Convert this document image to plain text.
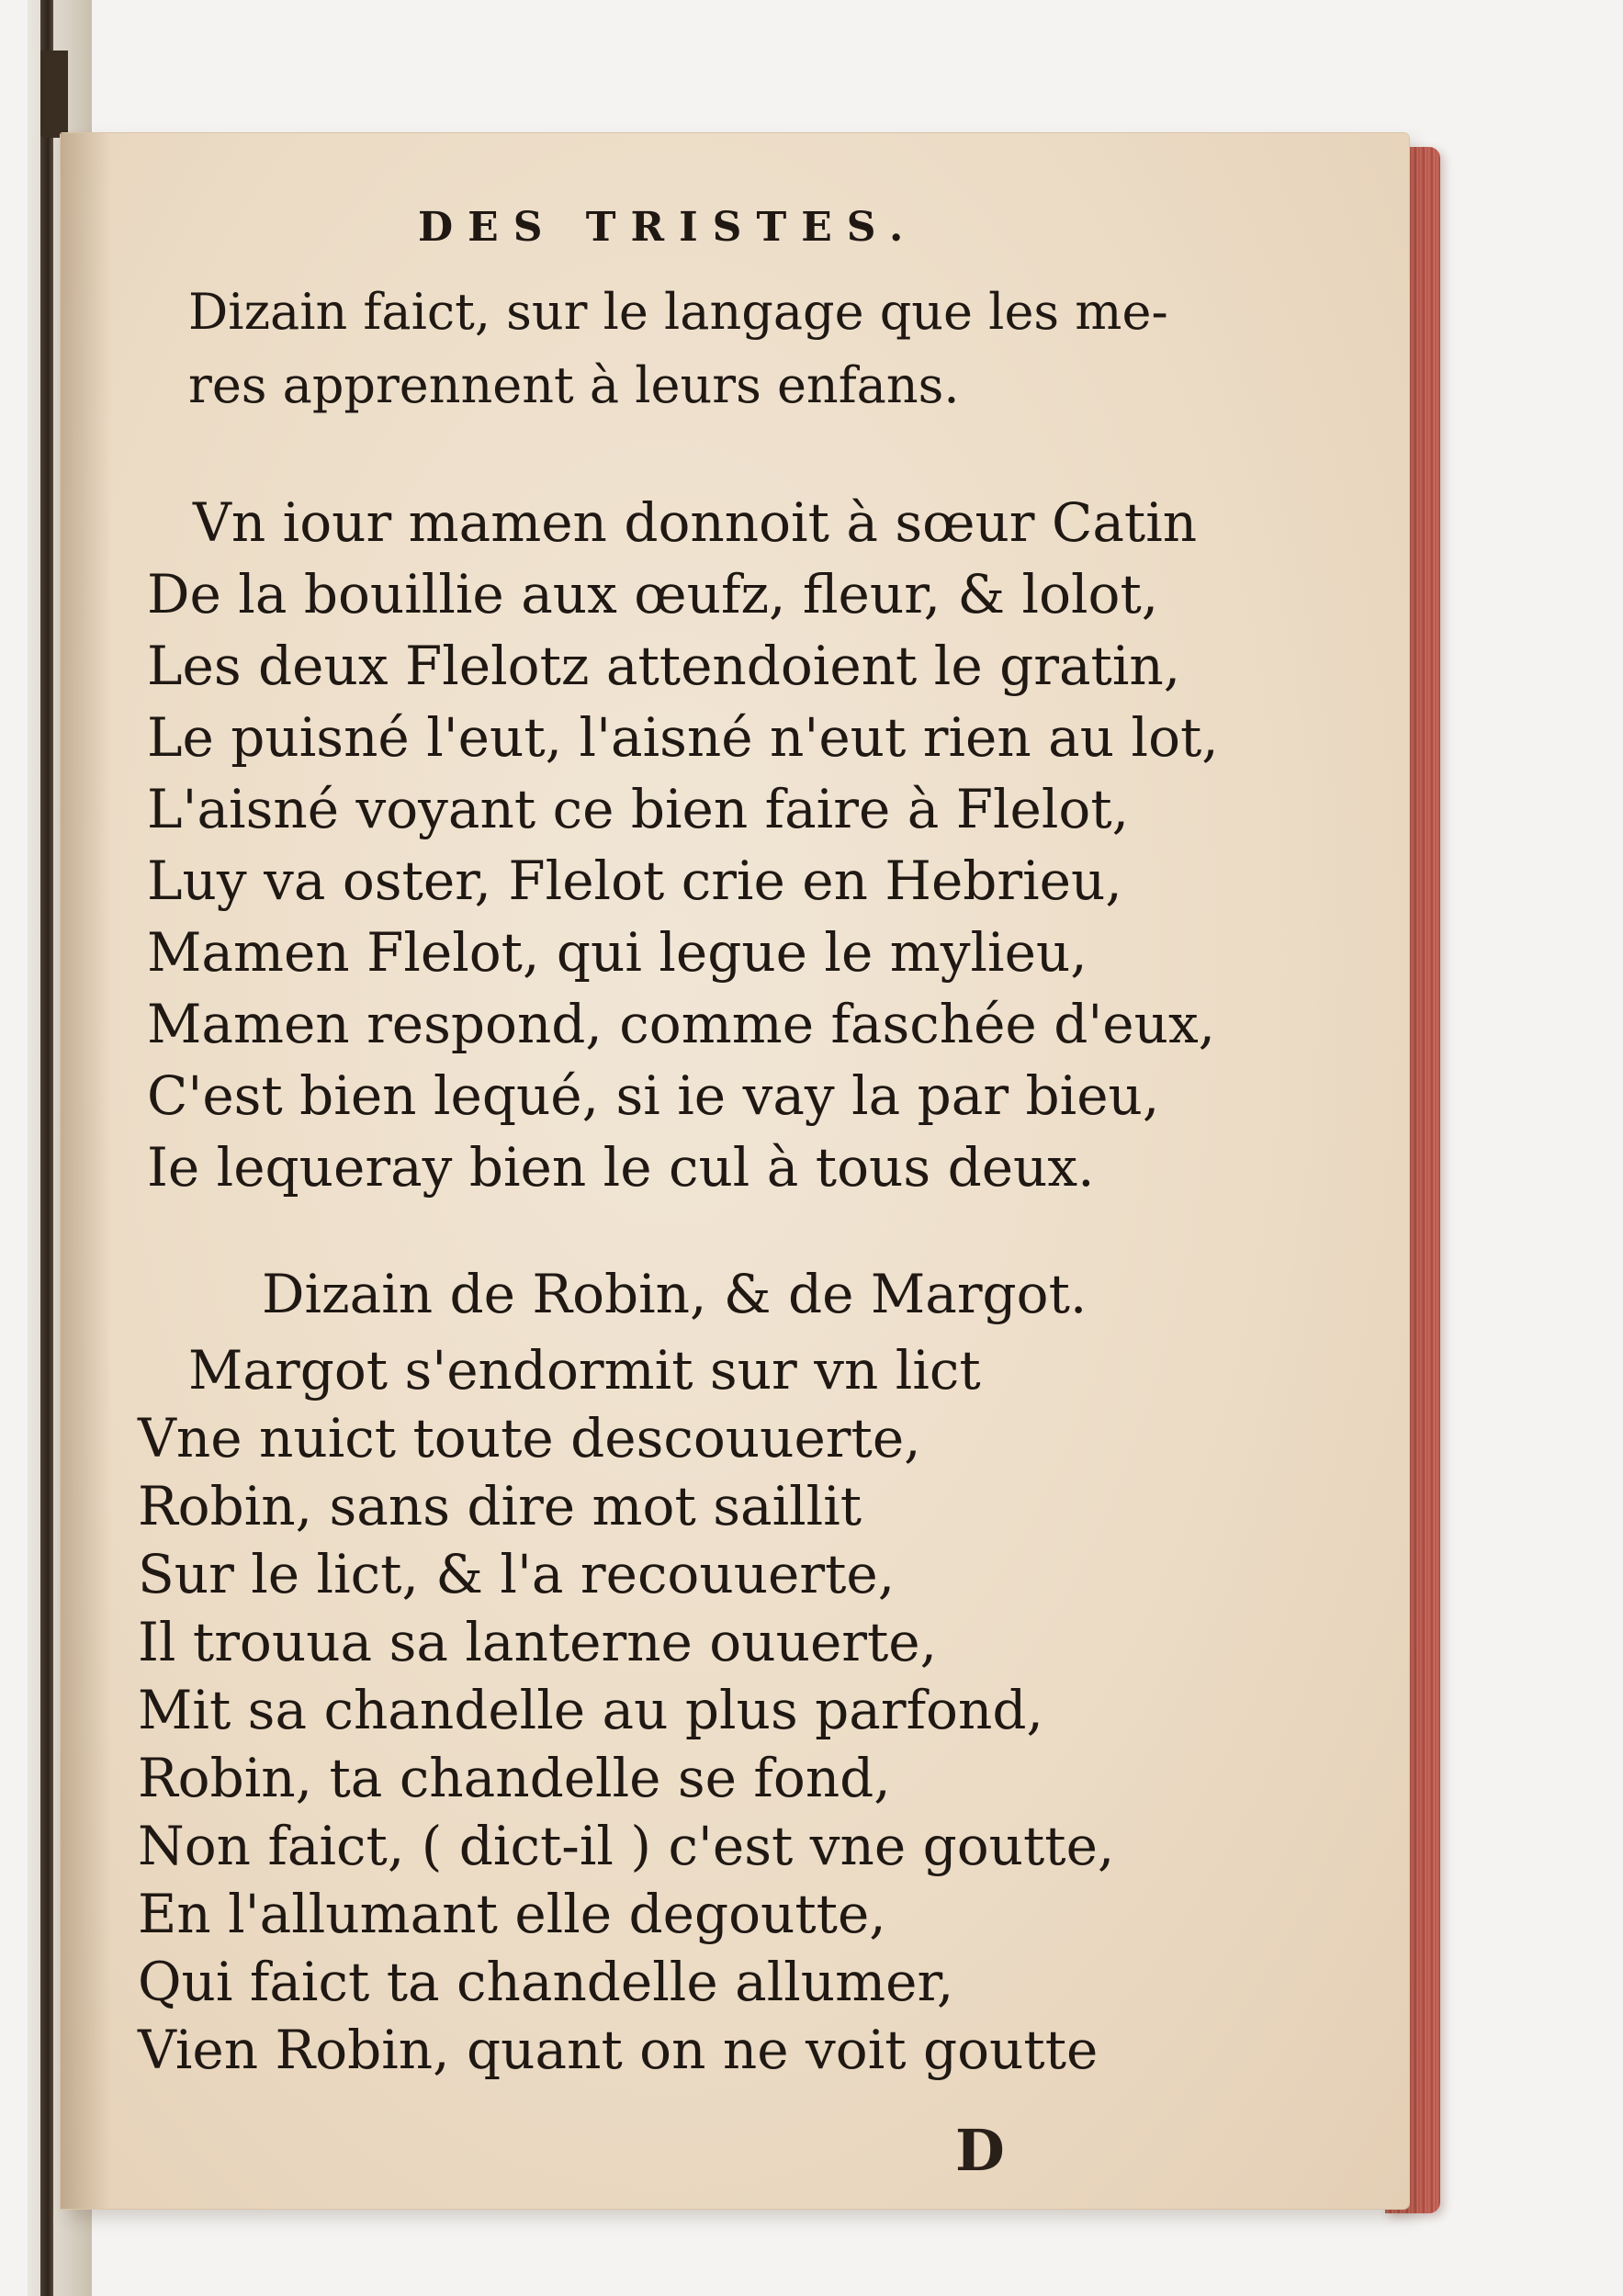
DES TRISTES.
Dizain faict, sur le langage que les me-
res apprennent à leurs enfans.
Vn iour mamen donnoit à sœur Catin
De la bouillie aux œufz, fleur, & lolot,
Les deux Flelotz attendoient le gratin,
Le puisné l'eut, l'aisné n'eut rien au lot,
L'aisné voyant ce bien faire à Flelot,
Luy va oster, Flelot crie en Hebrieu,
Mamen Flelot, qui legue le mylieu,
Mamen respond, comme faschée d'eux,
C'est bien lequé, si ie vay la par bieu,
Ie lequeray bien le cul à tous deux.
Dizain de Robin, & de Margot.
Margot s'endormit sur vn lict
Vne nuict toute descouuerte,
Robin, sans dire mot saillit
Sur le lict, & l'a recouuerte,
Il trouua sa lanterne ouuerte,
Mit sa chandelle au plus parfond,
Robin, ta chandelle se fond,
Non faict, ( dict-il ) c'est vne goutte,
En l'allumant elle degoutte,
Qui faict ta chandelle allumer,
Vien Robin, quant on ne voit goutte
D
